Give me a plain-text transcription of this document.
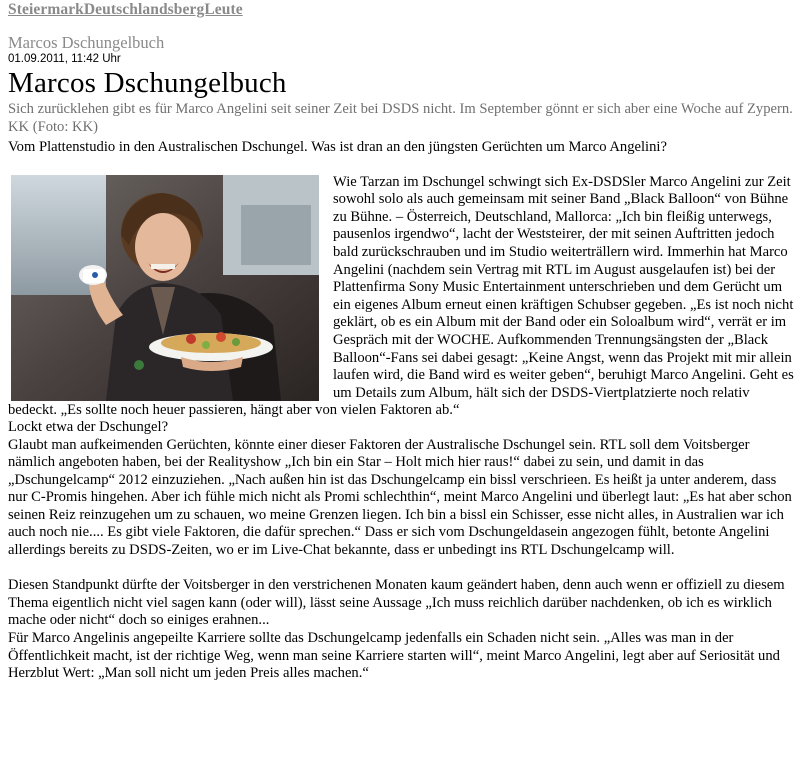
SteiermarkDeutschlandsbergLeute
Marcos Dschungelbuch
01.09.2011, 11:42 Uhr
Marcos Dschungelbuch
Sich zurücklehen gibt es für Marco Angelini seit seiner Zeit bei DSDS nicht. Im September gönnt er sich aber eine Woche auf Zypern. KK (Foto: KK)
Vom Plattenstudio in den Australischen Dschungel. Was ist dran an den jüngsten Gerüchten um Marco Angelini?

Wie Tarzan im Dschungel schwingt sich Ex-DSDSler Marco Angelini zur Zeit sowohl solo als auch gemeinsam mit seiner Band „Black Balloon“ von Bühne zu Bühne. – Österreich, Deutschland, Mallorca: „Ich bin fleißig unterwegs, pausenlos irgendwo“, lacht der Weststeirer, der mit seinen Auftritten jedoch bald zurückschrauben und im Studio weiterträllern wird. Immerhin hat Marco Angelini (nachdem sein Vertrag mit RTL im August ausgelaufen ist) bei der Plattenfirma Sony Music Entertainment unterschrieben und dem Gerücht um ein eigenes Album erneut einen kräftigen Schubser gegeben. „Es ist noch nicht geklärt, ob es ein Album mit der Band oder ein Soloalbum wird“, verrät er im Gespräch mit der WOCHE. Aufkommenden Trennungsängsten der „Black Balloon“-Fans sei dabei gesagt: „Keine Angst, wenn das Projekt mit mir allein laufen wird, die Band wird es weiter geben“, beruhigt Marco Angelini. Geht es um Details zum Album, hält sich der DSDS-Viertplatzierte noch relativ bedeckt. „Es sollte noch heuer passieren, hängt aber von vielen Faktoren ab.“

Lockt etwa der Dschungel?

Glaubt man aufkeimenden Gerüchten, könnte einer dieser Faktoren der Australische Dschungel sein. RTL soll dem Voitsberger nämlich angeboten haben, bei der Realityshow „Ich bin ein Star – Holt mich hier raus!“ dabei zu sein, und damit in das „Dschungelcamp“ 2012 einzuziehen. „Nach außen hin ist das Dschungelcamp ein bissl verschrieen. Es heißt ja unter anderem, dass nur C-Promis hingehen. Aber ich fühle mich nicht als Promi schlechthin“, meint Marco Angelini und überlegt laut: „Es hat aber schon seinen Reiz reinzugehen um zu schauen, wo meine Grenzen liegen. Ich bin a bissl ein Schisser, esse nicht alles, in Australien war ich auch noch nie.... Es gibt viele Faktoren, die dafür sprechen.“ Dass er sich vom Dschungeldasein angezogen fühlt, betonte Angelini allerdings bereits zu DSDS-Zeiten, wo er im Live-Chat bekannte, dass er unbedingt ins RTL Dschungelcamp will.

Diesen Standpunkt dürfte der Voitsberger in den verstrichenen Monaten kaum geändert haben, denn auch wenn er offiziell zu diesem Thema eigentlich nicht viel sagen kann (oder will), lässt seine Aussage „Ich muss reichlich darüber nachdenken, ob ich es wirklich mache oder nicht“ doch so einiges erahnen...

Für Marco Angelinis angepeilte Karriere sollte das Dschungelcamp jedenfalls ein Schaden nicht sein. „Alles was man in der Öffentlichkeit macht, ist der richtige Weg, wenn man seine Karriere starten will“, meint Marco Angelini, legt aber auf Seriosität und Herzblut Wert: „Man soll nicht um jeden Preis alles machen.“
